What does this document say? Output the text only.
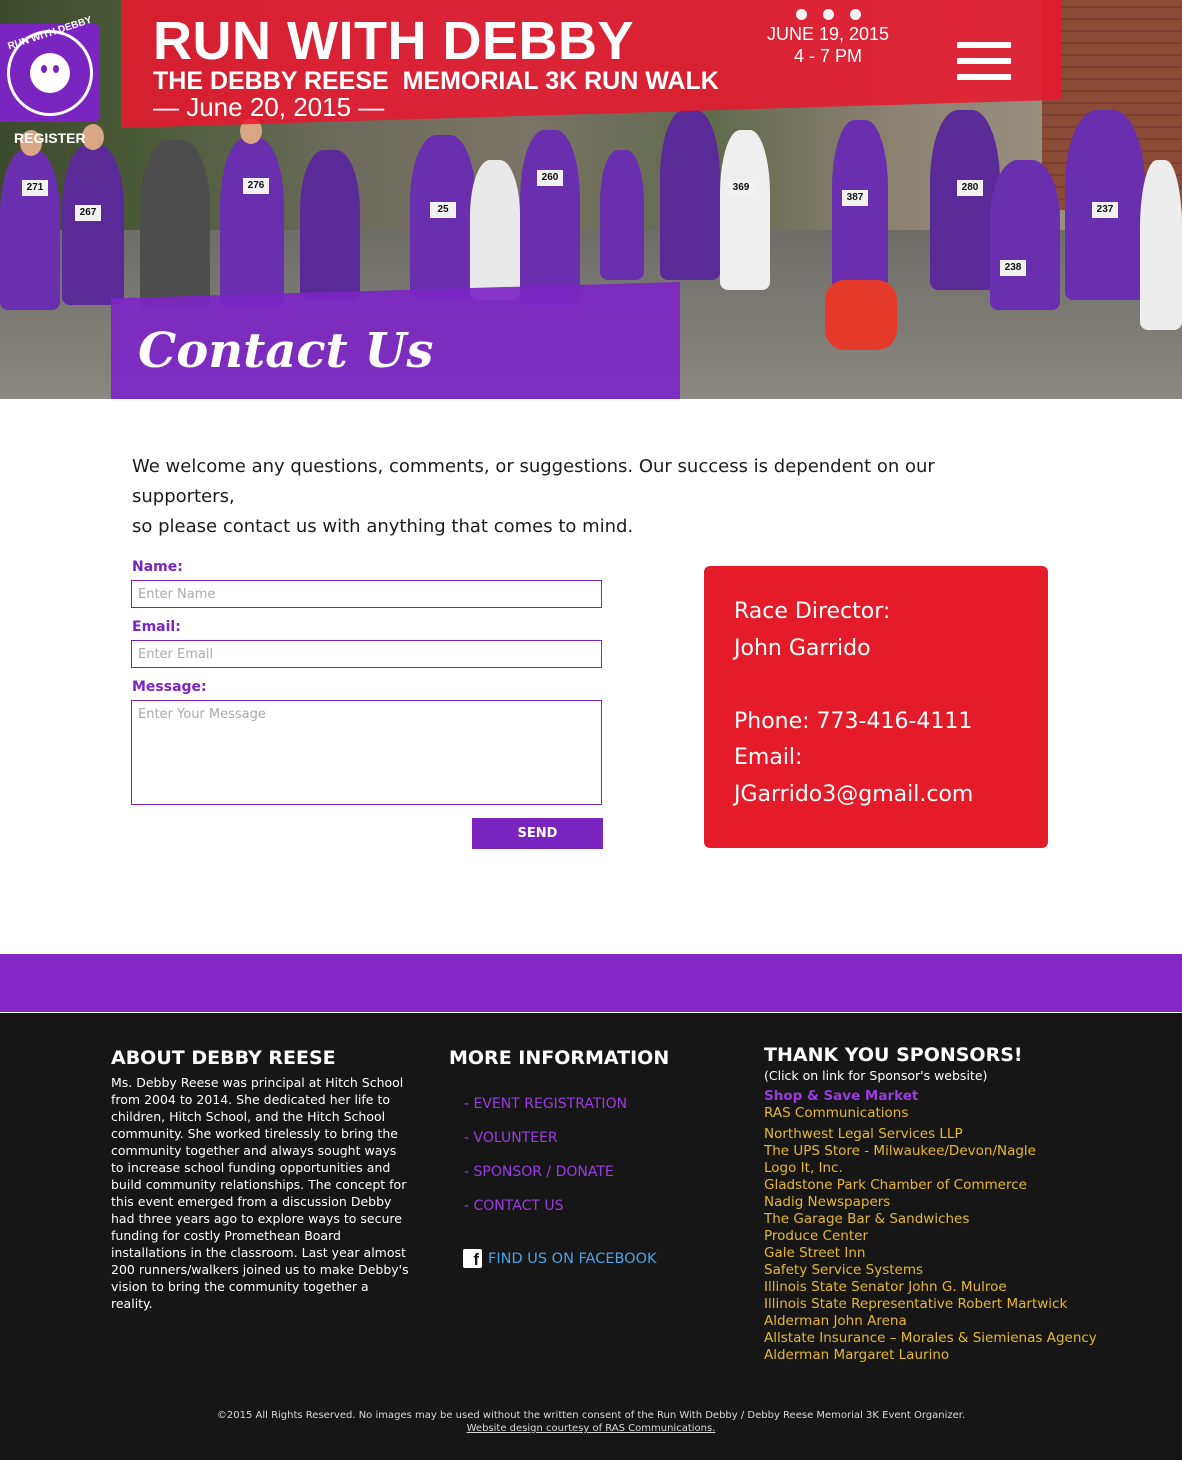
271
267
276
25
260
369
387
280
238
237
RUN WITH DEBBY
THE DEBBY REESE  MEMORIAL 3K RUN WALK
— June 20, 2015 —
JUNE 19, 2015
4 - 7 PM
RUN WITH DEBBY
REGISTER
Contact Us
We welcome any questions, comments, or suggestions. Our success is dependent on our supporters,
so please contact us with anything that comes to mind.
Name:
Enter Name
Email:
Enter Email
Message:
Enter Your Message
SEND
Race Director:
John Garrido
Phone: 773-416-4111
Email:
JGarrido3@gmail.com
ABOUT DEBBY REESE

Ms. Debby Reese was principal at Hitch School from 2004 to 2014. She dedicated her life to children, Hitch School, and the Hitch School community. She worked tirelessly to bring the community together and always sought ways to increase school funding opportunities and build community relationships. The concept for this event emerged from a discussion Debby had three years ago to explore ways to secure funding for costly Promethean Board installations in the classroom. Last year almost 200 runners/walkers joined us to make Debby's vision to bring the community together a reality.

MORE INFORMATION
- EVENT REGISTRATION
- VOLUNTEER
- SPONSOR / DONATE
- CONTACT US
f
FIND US ON FACEBOOK
THANK YOU SPONSORS!
(Click on link for Sponsor's website)
Shop & Save Market
RAS Communications
Northwest Legal Services LLP
The UPS Store - Milwaukee/Devon/Nagle
Logo It, Inc.
Gladstone Park Chamber of Commerce
Nadig Newspapers
The Garage Bar & Sandwiches
Produce Center
Gale Street Inn
Safety Service Systems
Illinois State Senator John G. Mulroe
Illinois State Representative Robert Martwick
Alderman John Arena
Allstate Insurance – Morales & Siemienas Agency
Alderman Margaret Laurino
©2015 All Rights Reserved. No images may be used without the written consent of the Run With Debby / Debby Reese Memorial 3K Event Organizer.
Website design courtesy of RAS Communications.
